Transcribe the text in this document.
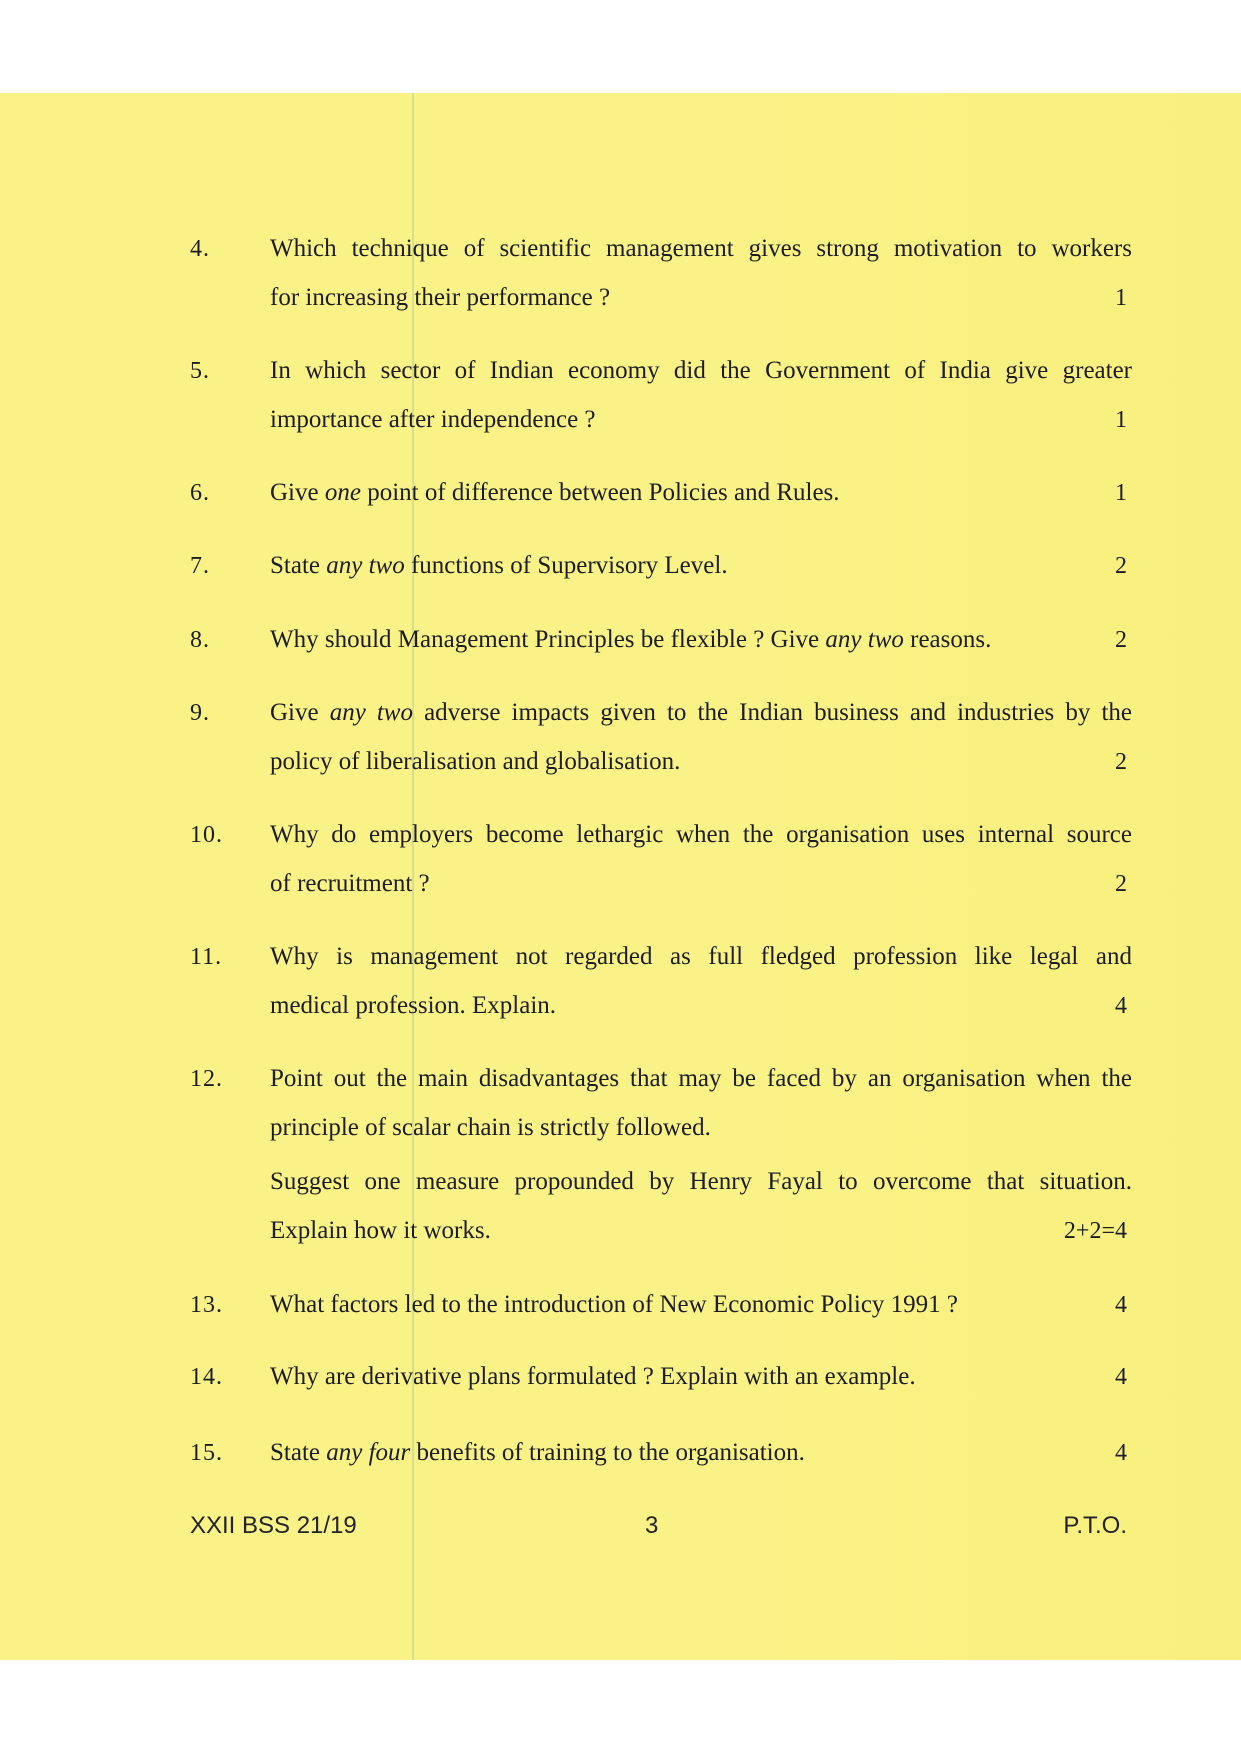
4. Which technique of scientific management gives strong motivation to workers
for increasing their performance ?	1
5. In which sector of Indian economy did the Government of India give greater
importance after independence ?	1
6. Give one point of difference between Policies and Rules.	1
7. State any two functions of Supervisory Level.	2
8. Why should Management Principles be flexible ? Give any two reasons.	2
9. Give any two adverse impacts given to the Indian business and industries by the
policy of liberalisation and globalisation.	2
10. Why do employers become lethargic when the organisation uses internal source
of recruitment ?	2
11. Why is management not regarded as full fledged profession like legal and
medical profession. Explain.	4
12. Point out the main disadvantages that may be faced by an organisation when the
principle of scalar chain is strictly followed.
Suggest one measure propounded by Henry Fayal to overcome that situation.
Explain how it works.	2+2=4
13. What factors led to the introduction of New Economic Policy 1991 ?	4
14. Why are derivative plans formulated ? Explain with an example.	4
15. State any four benefits of training to the organisation.	4
XXII BSS 21/19	3	P.T.O.
